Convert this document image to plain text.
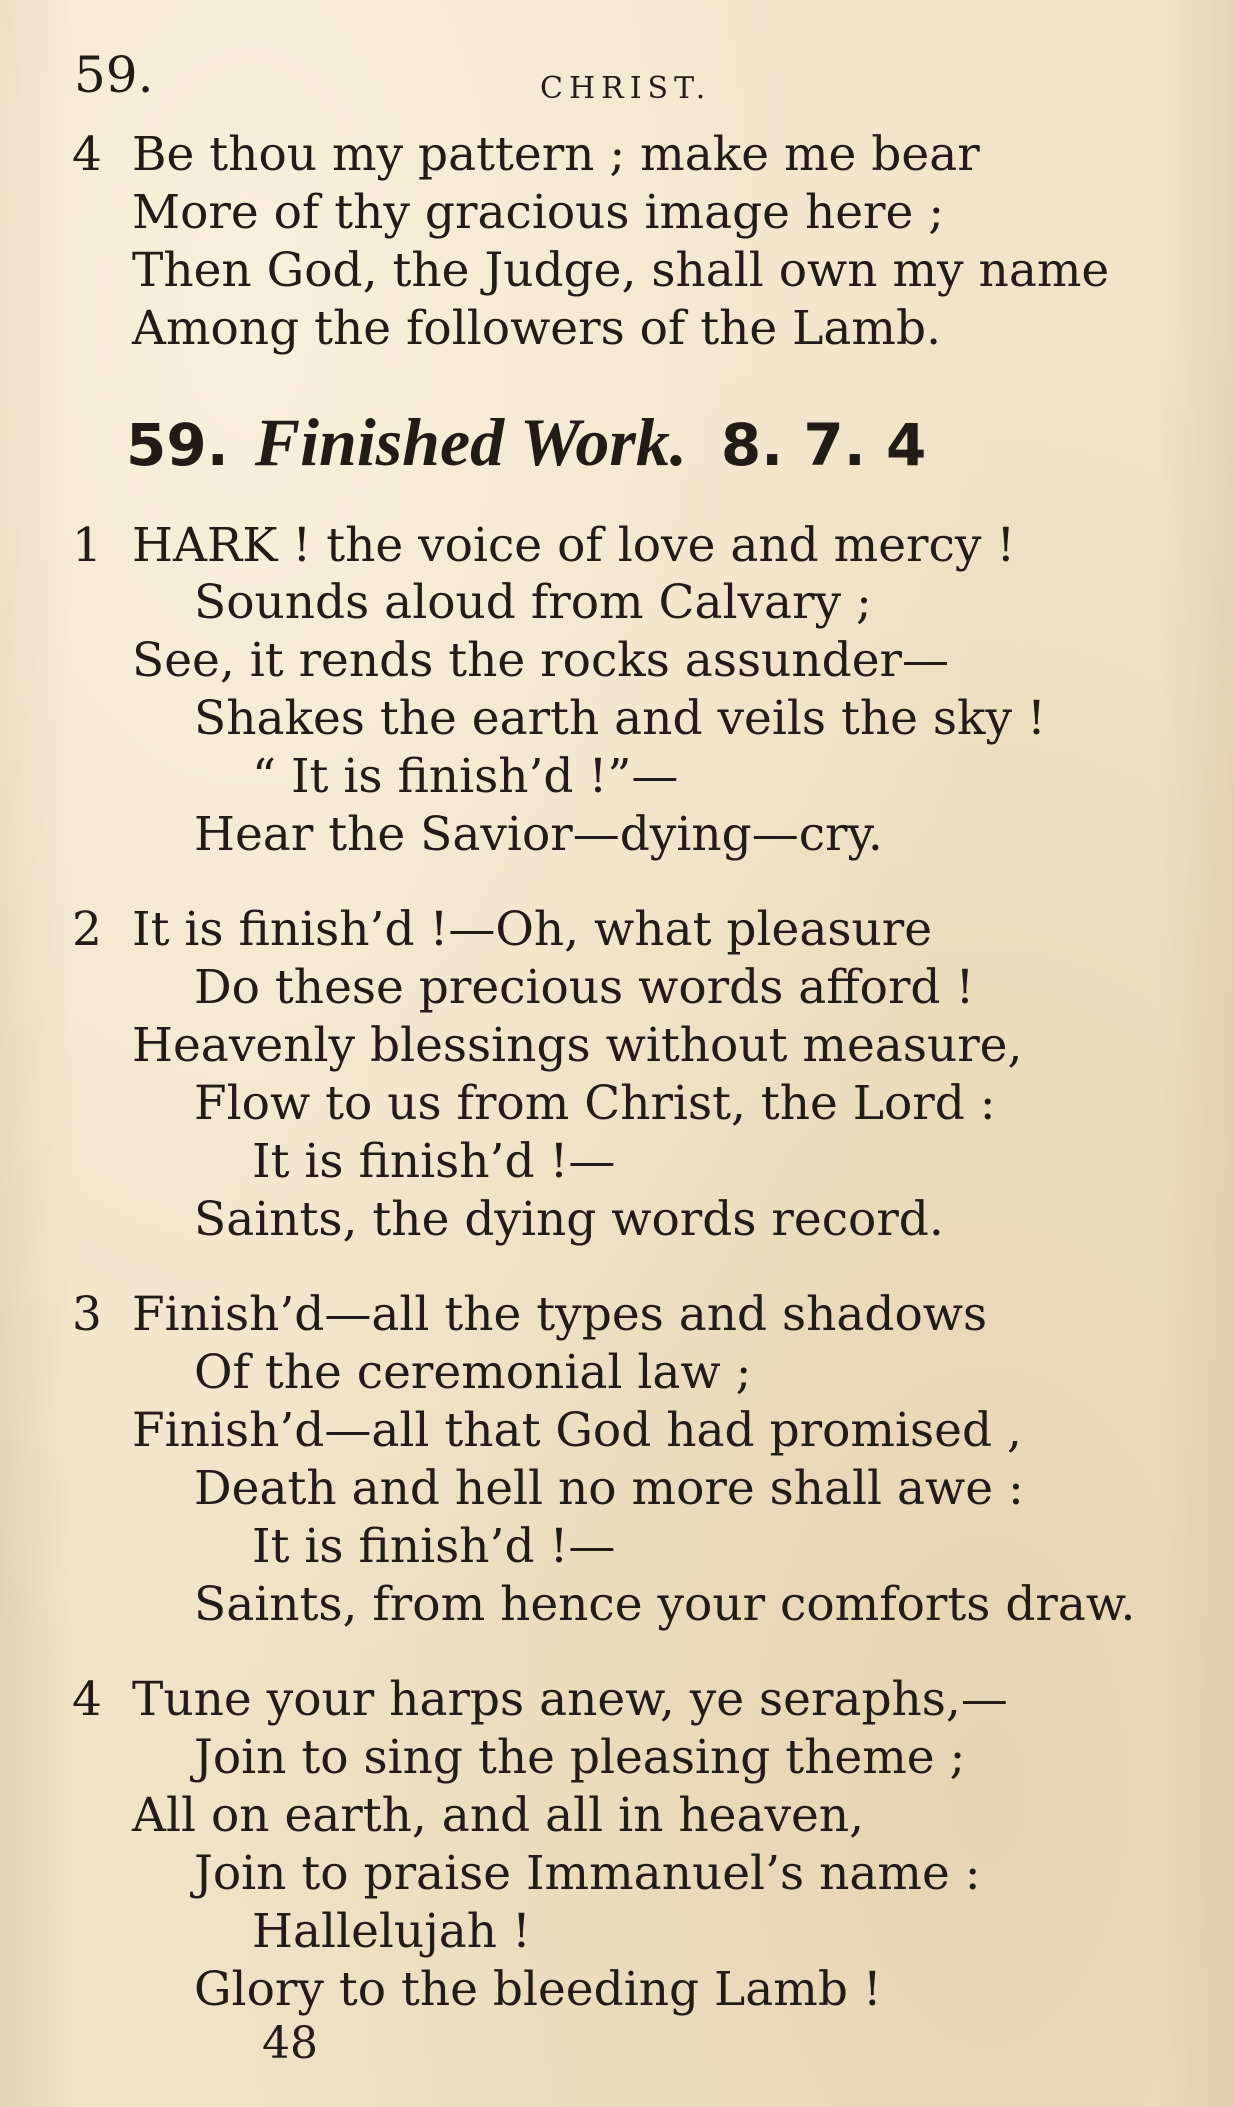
59.	CHRIST.
4 Be thou my pattern ; make me bear
More of thy gracious image here ;
Then God, the Judge, shall own my name
Among the followers of the Lamb.
59. Finished Work. 8. 7. 4
1 HARK ! the voice of love and mercy !
Sounds aloud from Calvary ;
See, it rends the rocks assunder—
Shakes the earth and veils the sky !
“ It is finish’d !”—
Hear the Savior—dying—cry.
2 It is finish’d !—Oh, what pleasure
Do these precious words afford !
Heavenly blessings without measure,
Flow to us from Christ, the Lord :
It is finish’d !—
Saints, the dying words record.
3 Finish’d—all the types and shadows
Of the ceremonial law ;
Finish’d—all that God had promised ,
Death and hell no more shall awe :
It is finish’d !—
Saints, from hence your comforts draw.
4 Tune your harps anew, ye seraphs,—
Join to sing the pleasing theme ;
All on earth, and all in heaven,
Join to praise Immanuel’s name :
Hallelujah !
Glory to the bleeding Lamb !
48
